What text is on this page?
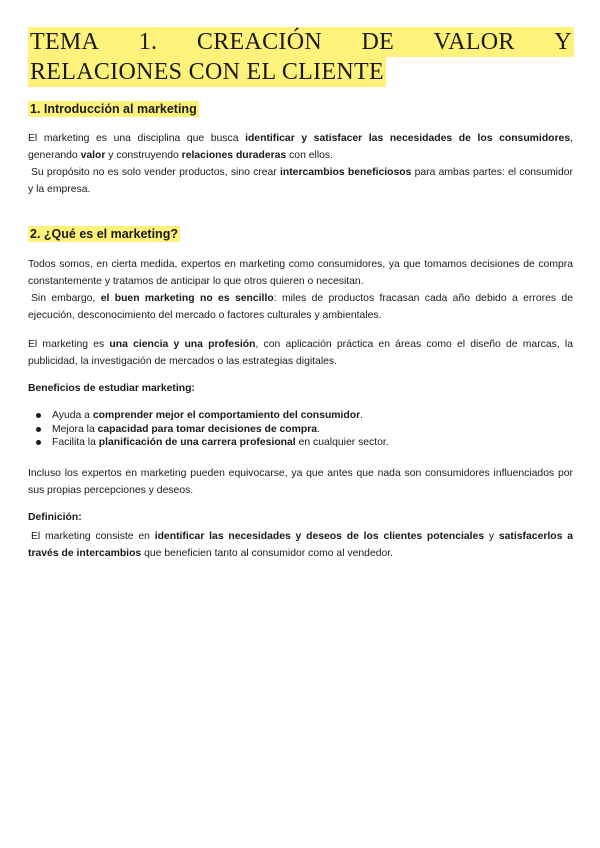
TEMA 1. CREACIÓN DE VALOR Y
RELACIONES CON EL CLIENTE
1. Introducción al marketing
El marketing es una disciplina que busca identificar y satisfacer las necesidades de los consumidores, generando valor y construyendo relaciones duraderas con ellos.
Su propósito no es solo vender productos, sino crear intercambios beneficiosos para ambas partes: el consumidor y la empresa.
2. ¿Qué es el marketing?
Todos somos, en cierta medida, expertos en marketing como consumidores, ya que tomamos decisiones de compra constantemente y tratamos de anticipar lo que otros quieren o necesitan.
Sin embargo, el buen marketing no es sencillo: miles de productos fracasan cada año debido a errores de ejecución, desconocimiento del mercado o factores culturales y ambientales.
El marketing es una ciencia y una profesión, con aplicación práctica en áreas como el diseño de marcas, la publicidad, la investigación de mercados o las estrategias digitales.
Beneficios de estudiar marketing:
Ayuda a comprender mejor el comportamiento del consumidor.
Mejora la capacidad para tomar decisiones de compra.
Facilita la planificación de una carrera profesional en cualquier sector.
Incluso los expertos en marketing pueden equivocarse, ya que antes que nada son consumidores influenciados por sus propias percepciones y deseos.
Definición:
El marketing consiste en identificar las necesidades y deseos de los clientes potenciales y satisfacerlos a través de intercambios que beneficien tanto al consumidor como al vendedor.
